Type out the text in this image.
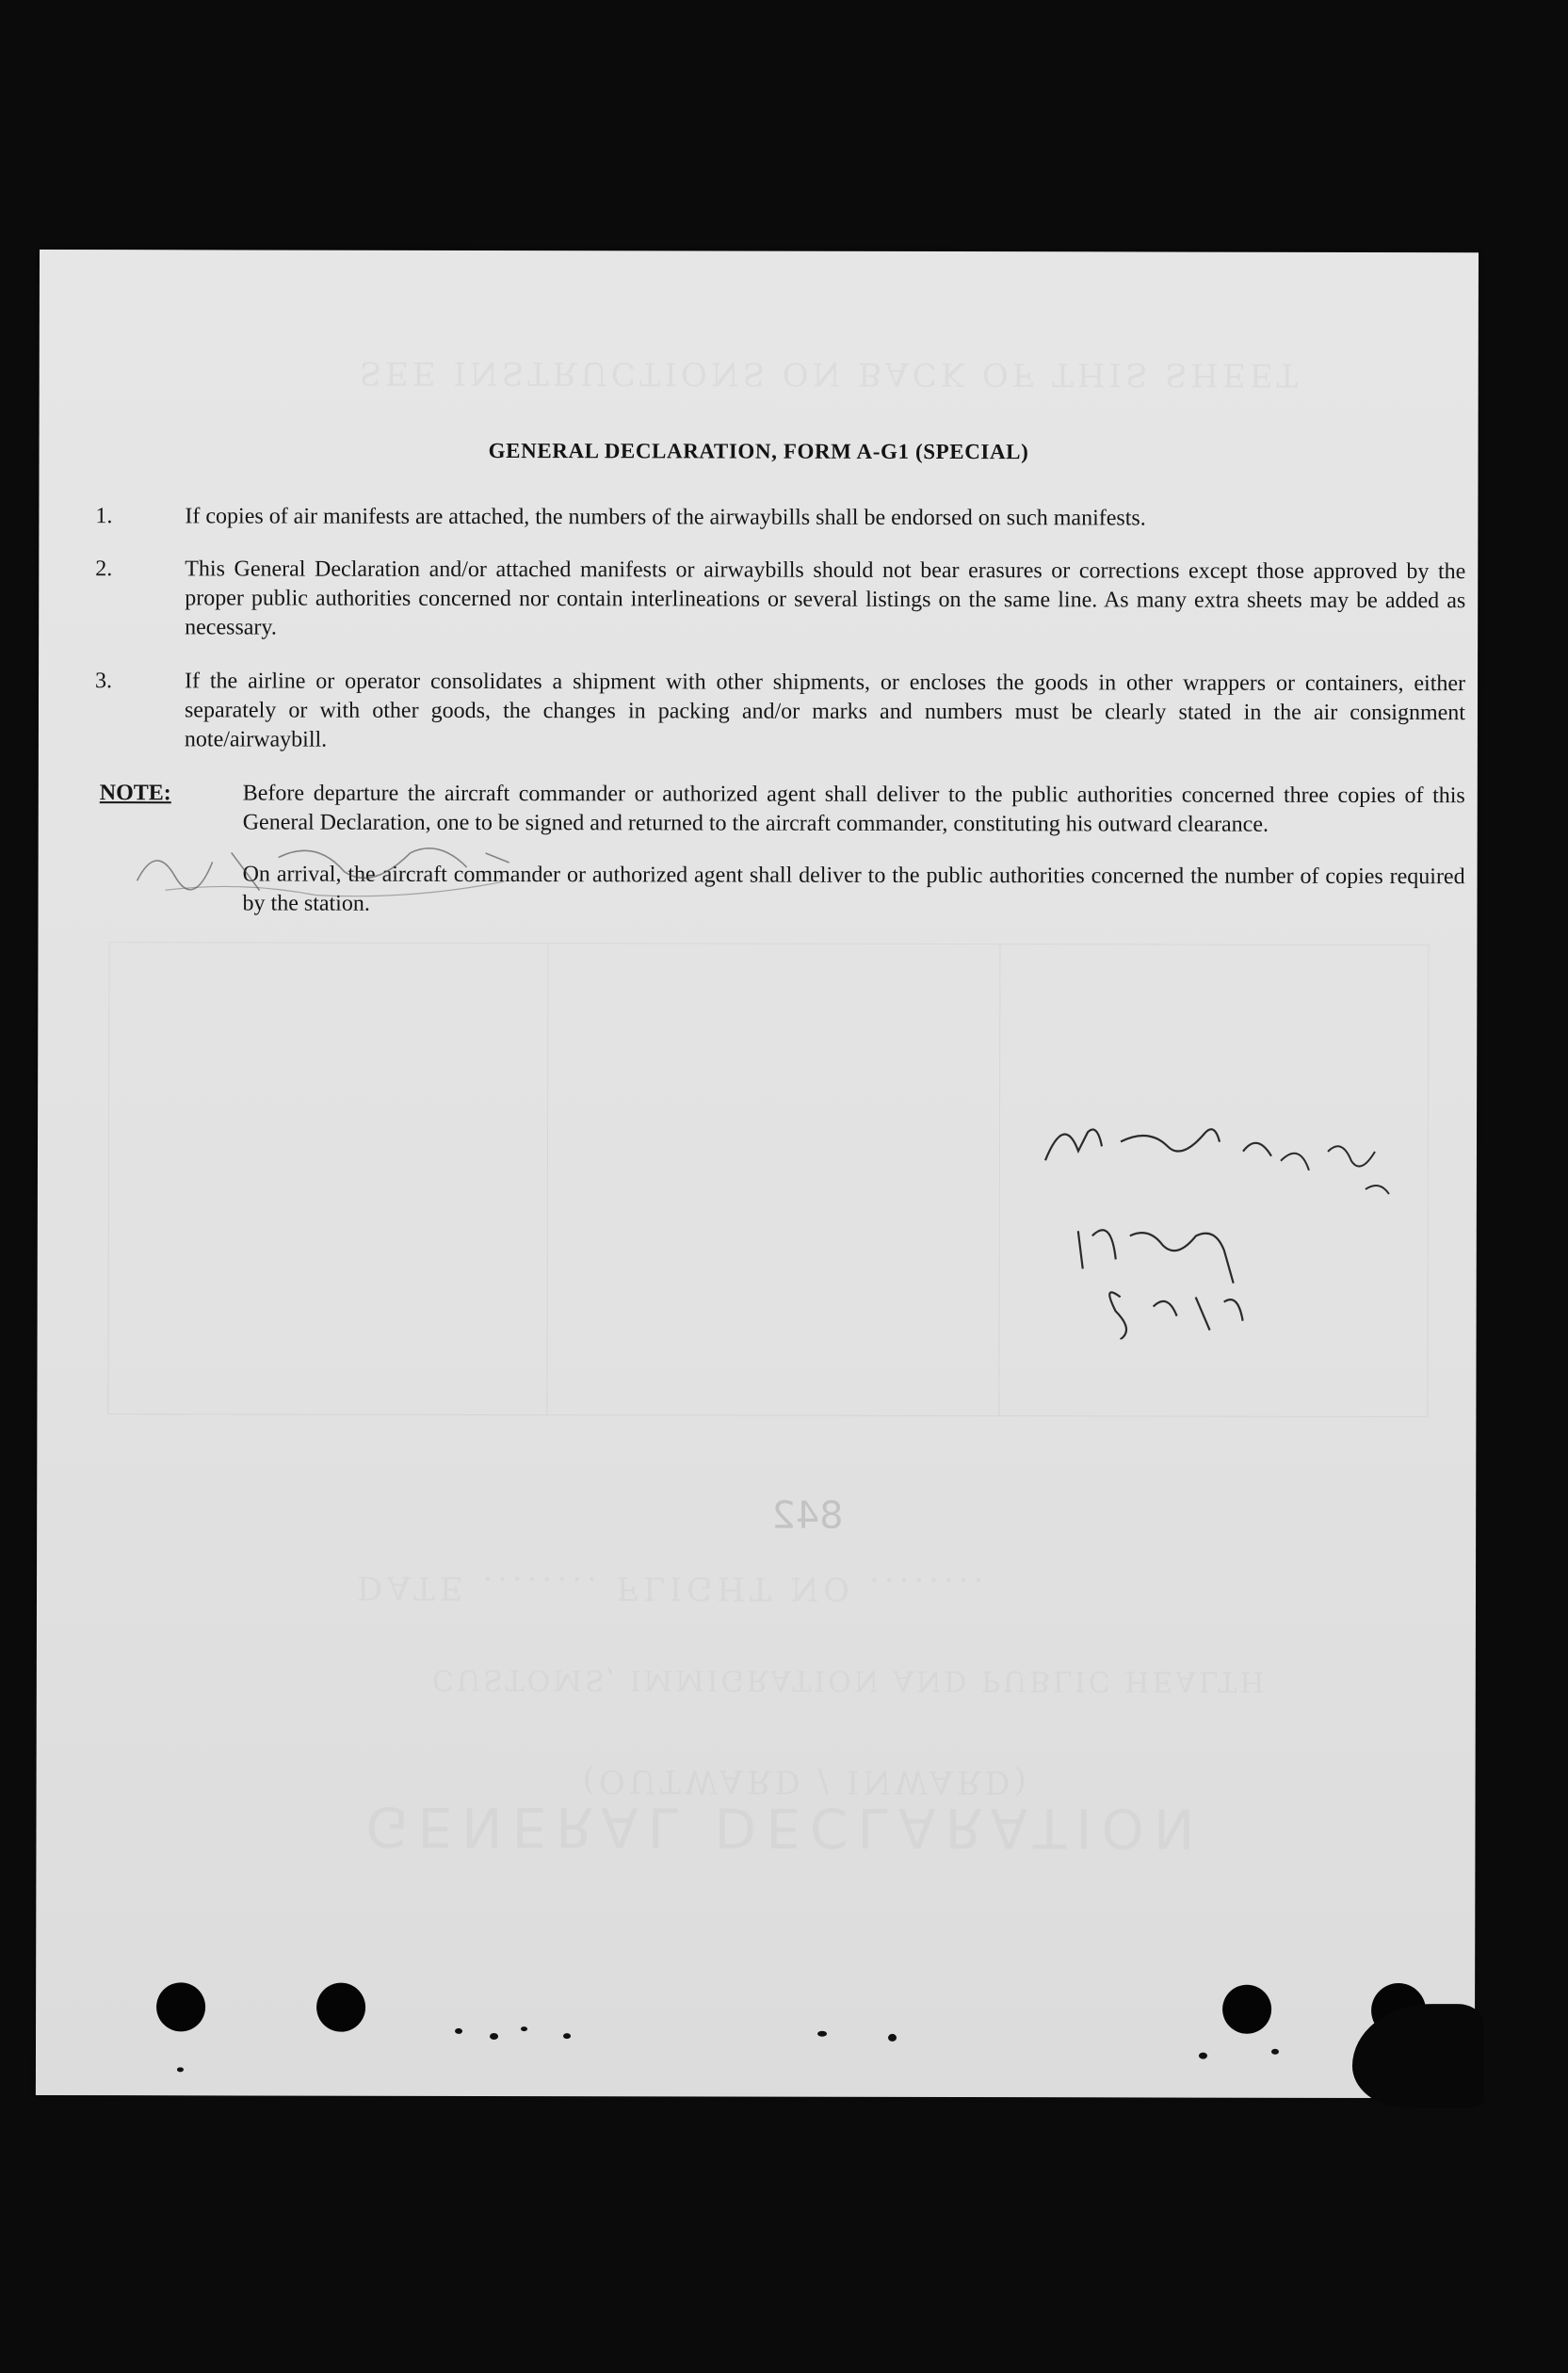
SEE INSTRUCTIONS ON BACK OF THIS SHEET
DATE ........ FLIGHT NO ........
CUSTOMS, IMMIGRATION AND PUBLIC HEALTH
(OUTWARD / INWARD)
GENERAL DECLARATION
842
GENERAL DECLARATION, FORM A-G1 (SPECIAL)
1.	If copies of air manifests are attached, the numbers of the airwaybills shall be endorsed on such manifests.
2.	This General Declaration and/or attached manifests or airwaybills should not bear erasures or corrections except those approved by the proper public authorities concerned nor contain interlineations or several listings on the same line. As many extra sheets may be added as necessary.
3.	If the airline or operator consolidates a shipment with other shipments, or encloses the goods in other wrappers or containers, either separately or with other goods, the changes in packing and/or marks and numbers must be clearly stated in the air consignment note/airwaybill.
NOTE:	Before departure the aircraft commander or authorized agent shall deliver to the public authorities concerned three copies of this General Declaration, one to be signed and returned to the aircraft commander, constituting his outward clearance.
On arrival, the aircraft commander or authorized agent shall deliver to the public authorities concerned the number of copies required by the station.
